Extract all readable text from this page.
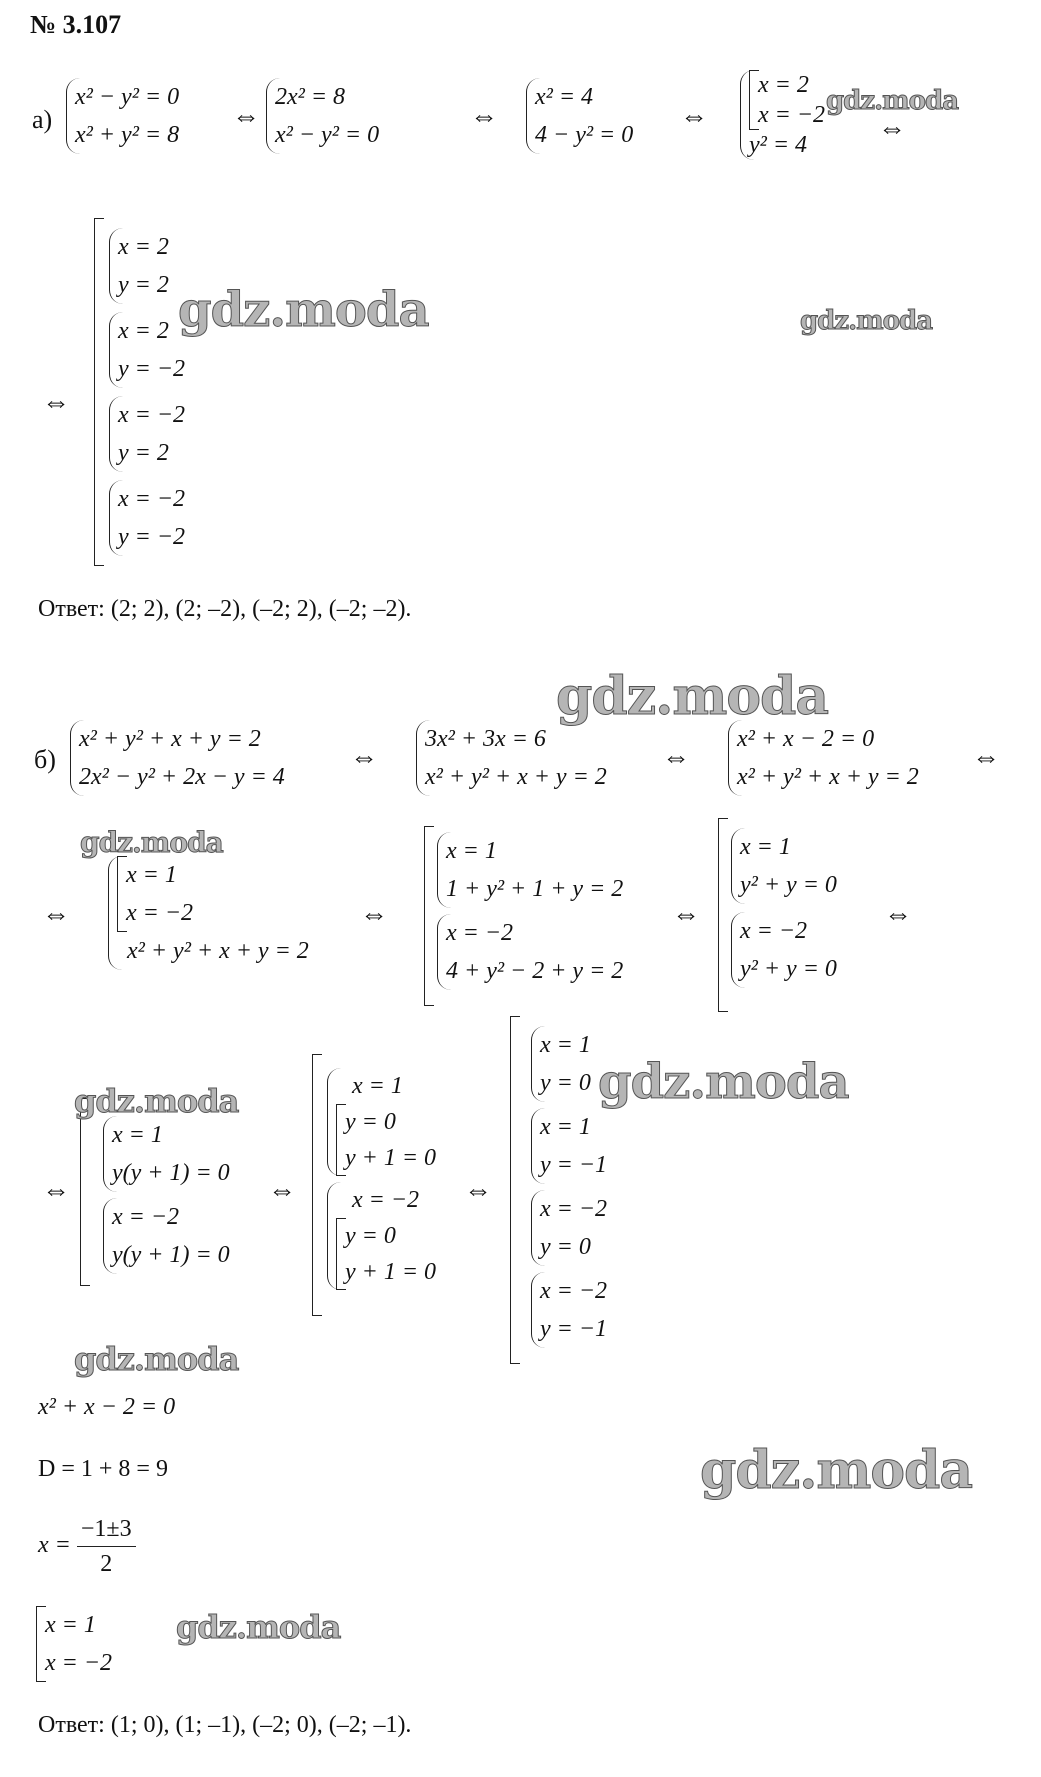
№ 3.107
а)
x² − y² = 0
x² + y² = 8
⇔
2x² = 8
x² − y² = 0
⇔
x² = 4
4 − y² = 0
⇔
x = 2
x = −2
y² = 4
⇔
⇔
x = 2
y = 2
x = 2
y = −2
x = −2
y = 2
x = −2
y = −2
Ответ: (2; 2), (2; –2), (–2; 2), (–2; –2).
б)
x² + y² + x + y = 2
2x² − y² + 2x − y = 4
⇔
3x² + 3x = 6
x² + y² + x + y = 2
⇔
x² + x − 2 = 0
x² + y² + x + y = 2
⇔
⇔
x = 1
x = −2
x² + y² + x + y = 2
⇔
x = 1
1 + y² + 1 + y = 2
x = −2
4 + y² − 2 + y = 2
⇔
x = 1
y² + y = 0
x = −2
y² + y = 0
⇔
⇔
x = 1
y(y + 1) = 0
x = −2
y(y + 1) = 0
⇔
x = 1
y = 0
y + 1 = 0
x = −2
y = 0
y + 1 = 0
⇔
x = 1
y = 0
x = 1
y = −1
x = −2
y = 0
x = −2
y = −1
x² + x − 2 = 0
D = 1 + 8 = 9
$x = \frac{-1\pm 3}{2}$
x = 1
x = −2
Ответ: (1; 0), (1; –1), (–2; 0), (–2; –1).
gdz.moda
gdz.moda	gdz.moda
gdz.moda
gdz.moda
gdz.moda
gdz.moda
gdz.moda
gdz.moda
gdz.moda
